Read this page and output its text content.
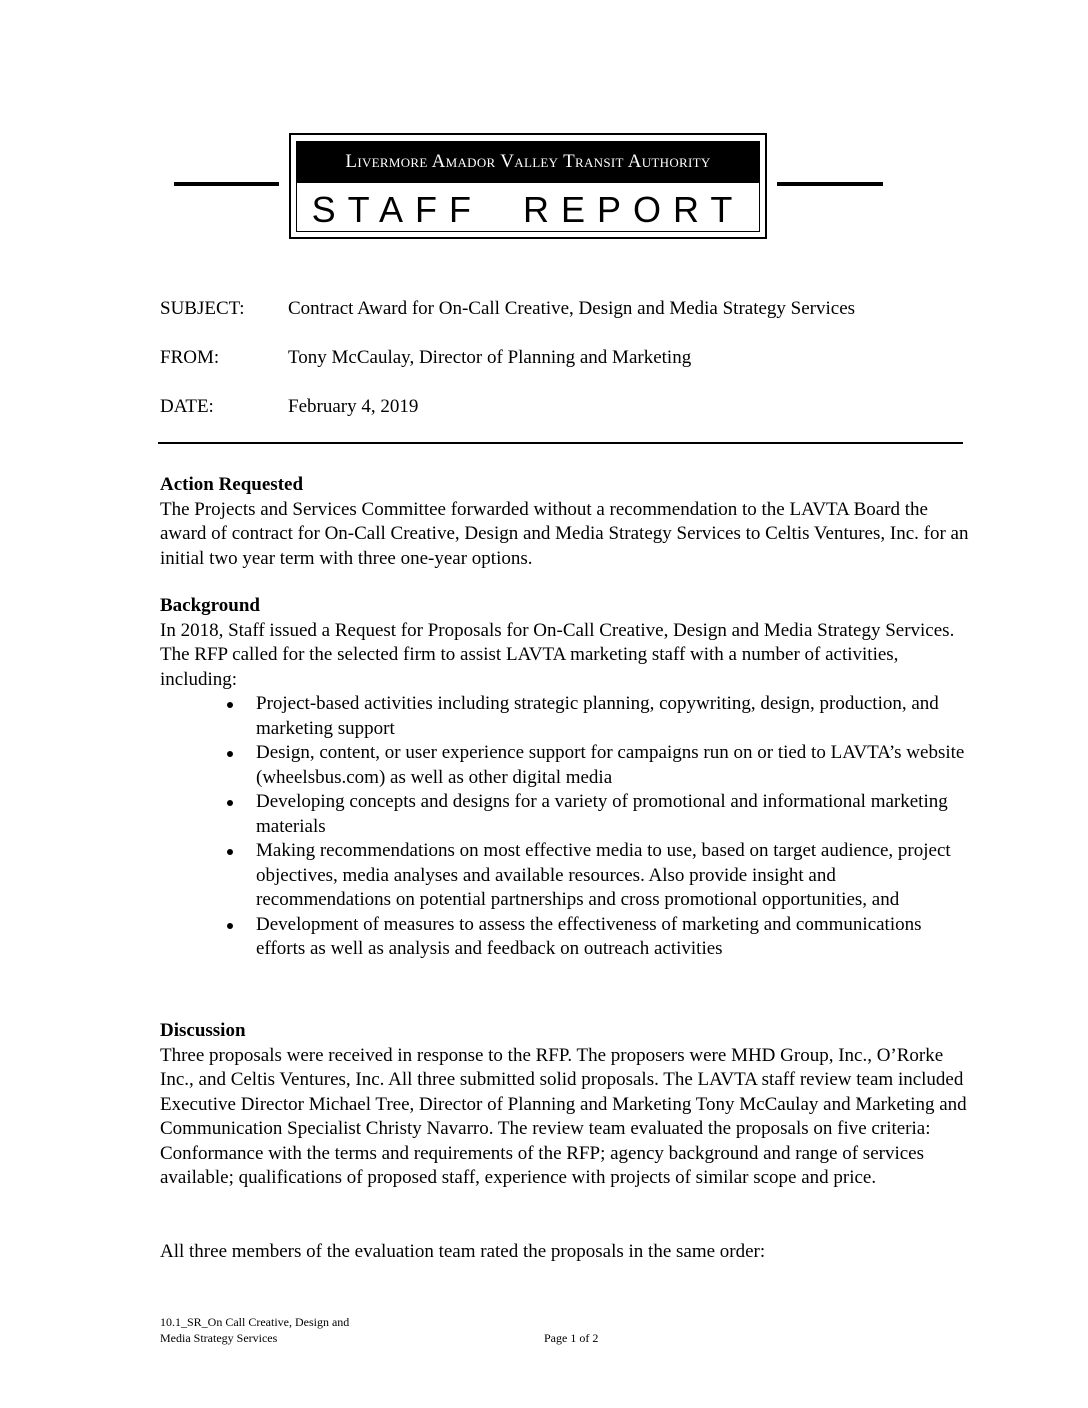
Livermore Amador Valley Transit Authority
STAFF REPORT
SUBJECT: Contract Award for On-Call Creative, Design and Media Strategy Services
FROM:	Tony McCaulay, Director of Planning and Marketing
DATE:	February 4, 2019
Action Requested

The Projects and Services Committee forwarded without a recommendation to the LAVTA Board the award of contract for On-Call Creative, Design and Media Strategy Services to Celtis Ventures, Inc. for an initial two year term with three one-year options.

Background

In 2018, Staff issued a Request for Proposals for On-Call Creative, Design and Media Strategy Services. The RFP called for the selected firm to assist LAVTA marketing staff with a number of activities, including:

Project-based activities including strategic planning, copywriting, design, production, and marketing support
Design, content, or user experience support for campaigns run on or tied to LAVTA’s website (wheelsbus.com) as well as other digital media
Developing concepts and designs for a variety of promotional and informational marketing materials
Making recommendations on most effective media to use, based on target audience, project objectives, media analyses and available resources. Also provide insight and recommendations on potential partnerships and cross promotional opportunities, and
Development of measures to assess the effectiveness of marketing and communications efforts as well as analysis and feedback on outreach activities
Discussion

Three proposals were received in response to the RFP. The proposers were MHD Group, Inc., O’Rorke Inc., and Celtis Ventures, Inc. All three submitted solid proposals. The LAVTA staff review team included Executive Director Michael Tree, Director of Planning and Marketing Tony McCaulay and Marketing and Communication Specialist Christy Navarro. The review team evaluated the proposals on five criteria: Conformance with the terms and requirements of the RFP; agency background and range of services available; qualifications of proposed staff, experience with projects of similar scope and price.

All three members of the evaluation team rated the proposals in the same order:

10.1_SR_On Call Creative, Design and
Media Strategy Services	Page 1 of 2
